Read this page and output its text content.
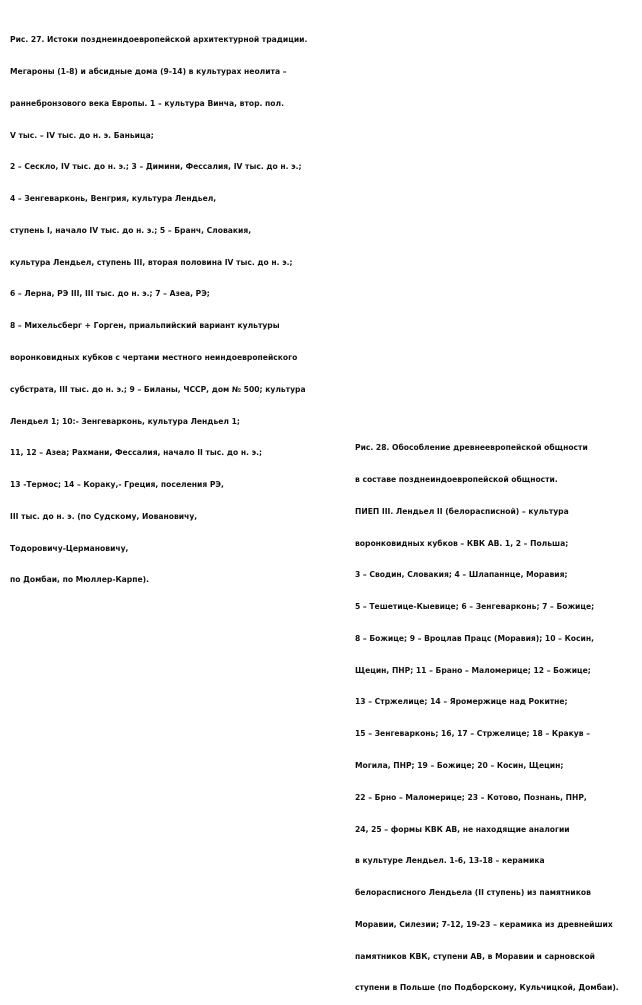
Рис. 27. Истоки позднеиндоевропейской архитектурной традиции.

Мегароны (1-8) и абсидные дома (9-14) в культурах неолита –

раннебронзового века Европы. 1 – культура Винча, втор. пол.

V тыс. – IV тыс. до н. э. Баньица;

2 – Сескло, IV тыс. до н. э.; 3 – Димини, Фессалия, IV тыс. до н. э.;

4 – Зенгеварконь, Венгрия, культура Лендьел,

ступень I, начало IV тыс. до н. э.; 5 – Бранч, Словакия,

культура Лендьел, ступень III, вторая половина IV тыс. до н. э.;

6 – Лерна, РЭ III, III тыс. до н. э.; 7 – Азеа, РЭ;

8 – Михельсберг + Горген, приальпийский вариант культуры

воронковидных кубков с чертами местного неиндоевропейского

субстрата, III тыс. до н. э.; 9 – Биланы, ЧССР, дом № 500; культура

Лендьел 1; 10:- Зенгеварконь, культура Лендьел 1;

11, 12 – Азеа; Рахмани, Фессалия, начало II тыс. до н. э.;

13 -Термос; 14 – Кораку,- Греция, поселения РЭ,

III тыс. до н. э. (по Судскому, Иовановичу,

Тодоровичу-Цермановичу,

по Домбаи, по Мюллер-Карпе).

Рис. 28. Обособление древнеевропейской общности

в составе позднеиндоевропейской общности.

ПИЕП III. Лендьел II (белорасписной) – культура

воронковидных кубков – КВК АВ. 1, 2 – Польша;

3 – Сводин, Словакия; 4 – Шлапаннце, Моравия;

5 – Тешетице-Кыевице; 6 – Зенгеварконь; 7 – Божице;

8 – Божице; 9 – Вроцлав Працс (Моравия); 10 – Косин,

Щецин, ПНР; 11 – Брано – Маломерице; 12 – Божице;

13 – Стржелице; 14 – Яромержице над Рокитне;

15 – Зенгеварконь; 16, 17 – Стржелице; 18 – Кракув –

Могила, ПНР; 19 – Божице; 20 – Косин, Щецин;

22 – Брно – Маломерице; 23 – Котово, Познань, ПНР,

24, 25 – формы КВК АВ, не находящие аналогии

в культуре Лендьел. 1-6, 13-18 – керамика

белорасписного Лендьела (II ступень) из памятников

Моравии, Силезии; 7-12, 19-23 – керамика из древнейших

памятников КВК, ступени АВ, в Моравии и сарновской

ступени в Польше (по Подборскому, Кульчицкой, Домбаи).
